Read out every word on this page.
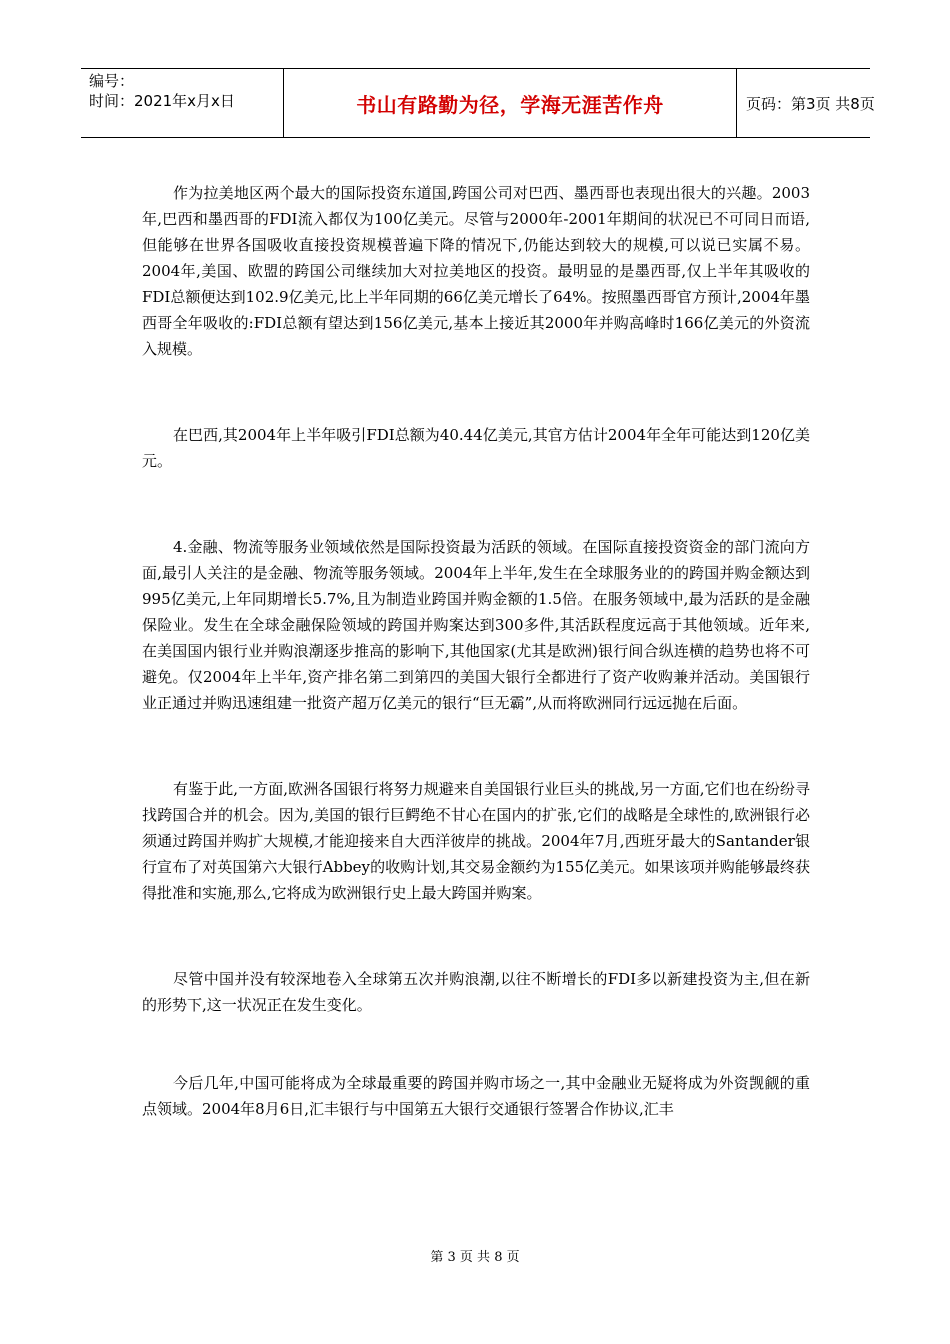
编号：
时间：2021年x月x日	书山有路勤为径，学海无涯苦作舟	页码：第3页 共8页

作为拉美地区两个最大的国际投资东道国,跨国公司对巴西、墨西哥也表现出很大的兴趣。2003年,巴西和墨西哥的FDI流入都仅为100亿美元。尽管与2000年-2001年期间的状况已不可同日而语,但能够在世界各国吸收直接投资规模普遍下降的情况下,仍能达到较大的规模,可以说已实属不易。2004年,美国、欧盟的跨国公司继续加大对拉美地区的投资。最明显的是墨西哥,仅上半年其吸收的FDI总额便达到102.9亿美元,比上半年同期的66亿美元增长了64%。按照墨西哥官方预计,2004年墨西哥全年吸收的:FDI总额有望达到156亿美元,基本上接近其2000年并购高峰时166亿美元的外资流入规模。

在巴西,其2004年上半年吸引FDI总额为40.44亿美元,其官方估计2004年全年可能达到120亿美元。

4.金融、物流等服务业领域依然是国际投资最为活跃的领域。在国际直接投资资金的部门流向方面,最引人关注的是金融、物流等服务领域。2004年上半年,发生在全球服务业的的跨国并购金额达到995亿美元,上年同期增长5.7%,且为制造业跨国并购金额的1.5倍。在服务领域中,最为活跃的是金融保险业。发生在全球金融保险领域的跨国并购案达到300多件,其活跃程度远高于其他领域。近年来,在美国国内银行业并购浪潮逐步推高的影响下,其他国家(尤其是欧洲)银行间合纵连横的趋势也将不可避免。仅2004年上半年,资产排名第二到第四的美国大银行全都进行了资产收购兼并活动。美国银行业正通过并购迅速组建一批资产超万亿美元的银行“巨无霸”,从而将欧洲同行远远抛在后面。

有鉴于此,一方面,欧洲各国银行将努力规避来自美国银行业巨头的挑战,另一方面,它们也在纷纷寻找跨国合并的机会。因为,美国的银行巨鳄绝不甘心在国内的扩张,它们的战略是全球性的,欧洲银行必须通过跨国并购扩大规模,才能迎接来自大西洋彼岸的挑战。2004年7月,西班牙最大的Santander银行宣布了对英国第六大银行Abbey的收购计划,其交易金额约为155亿美元。如果该项并购能够最终获得批准和实施,那么,它将成为欧洲银行史上最大跨国并购案。

尽管中国并没有较深地卷入全球第五次并购浪潮,以往不断增长的FDI多以新建投资为主,但在新的形势下,这一状况正在发生变化。

今后几年,中国可能将成为全球最重要的跨国并购市场之一,其中金融业无疑将成为外资觊觎的重点领域。2004年8月6日,汇丰银行与中国第五大银行交通银行签署合作协议,汇丰

第 3 页 共 8 页
